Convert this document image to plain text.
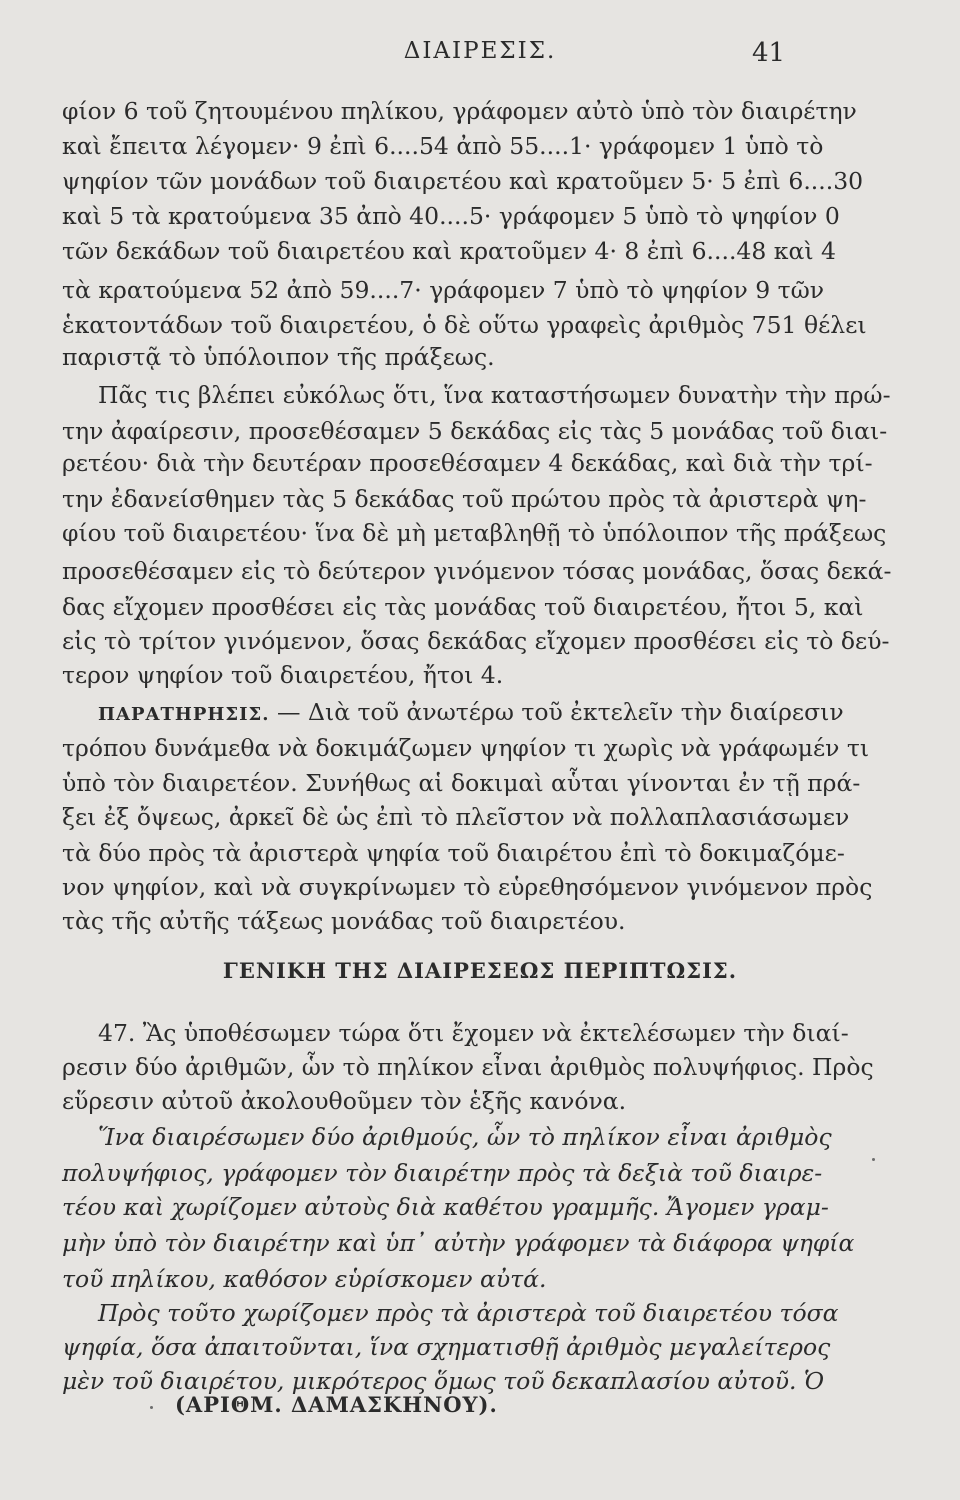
ΔΙΑΙΡΕΣΙΣ.	41
φίον 6 τοῦ ζητουμένου πηλίκου, γράφομεν αὐτὸ ὑπὸ τὸν διαιρέτην
καὶ ἔπειτα λέγομεν· 9 ἐπὶ 6....54 ἀπὸ 55....1· γράφομεν 1 ὑπὸ τὸ
ψηφίον τῶν μονάδων τοῦ διαιρετέου καὶ κρατοῦμεν 5· 5 ἐπὶ 6....30
καὶ 5 τὰ κρατούμενα 35 ἀπὸ 40....5· γράφομεν 5 ὑπὸ τὸ ψηφίον 0
τῶν δεκάδων τοῦ διαιρετέου καὶ κρατοῦμεν 4· 8 ἐπὶ 6....48 καὶ 4
τὰ κρατούμενα 52 ἀπὸ 59....7· γράφομεν 7 ὑπὸ τὸ ψηφίον 9 τῶν
ἑκατοντάδων τοῦ διαιρετέου, ὁ δὲ οὕτω γραφεὶς ἀριθμὸς 751 θέλει
παριστᾷ τὸ ὑπόλοιπον τῆς πράξεως.
Πᾶς τις βλέπει εὐκόλως ὅτι, ἵνα καταστήσωμεν δυνατὴν τὴν πρώ-
την ἀφαίρεσιν, προσεθέσαμεν 5 δεκάδας εἰς τὰς 5 μονάδας τοῦ διαι-
ρετέου· διὰ τὴν δευτέραν προσεθέσαμεν 4 δεκάδας, καὶ διὰ τὴν τρί-
την ἐδανείσθημεν τὰς 5 δεκάδας τοῦ πρώτου πρὸς τὰ ἀριστερὰ ψη-
φίου τοῦ διαιρετέου· ἵνα δὲ μὴ μεταβληθῇ τὸ ὑπόλοιπον τῆς πράξεως
προσεθέσαμεν εἰς τὸ δεύτερον γινόμενον τόσας μονάδας, ὅσας δεκά-
δας εἴχομεν προσθέσει εἰς τὰς μονάδας τοῦ διαιρετέου, ἤτοι 5, καὶ
εἰς τὸ τρίτον γινόμενον, ὅσας δεκάδας εἴχομεν προσθέσει εἰς τὸ δεύ-
τερον ψηφίον τοῦ διαιρετέου, ἤτοι 4.
ΠΑΡΑΤΗΡΗΣΙΣ. — Διὰ τοῦ ἀνωτέρω τοῦ ἐκτελεῖν τὴν διαίρεσιν
τρόπου δυνάμεθα νὰ δοκιμάζωμεν ψηφίον τι χωρὶς νὰ γράφωμέν τι
ὑπὸ τὸν διαιρετέον. Συνήθως αἱ δοκιμαὶ αὗται γίνονται ἐν τῇ πρά-
ξει ἐξ ὄψεως, ἀρκεῖ δὲ ὡς ἐπὶ τὸ πλεῖστον νὰ πολλαπλασιάσωμεν
τὰ δύο πρὸς τὰ ἀριστερὰ ψηφία τοῦ διαιρέτου ἐπὶ τὸ δοκιμαζόμε-
νον ψηφίον, καὶ νὰ συγκρίνωμεν τὸ εὑρεθησόμενον γινόμενον πρὸς
τὰς τῆς αὐτῆς τάξεως μονάδας τοῦ διαιρετέου.
ΓΕΝΙΚΗ ΤΗΣ ΔΙΑΙΡΕΣΕΩΣ ΠΕΡΙΠΤΩΣΙΣ.
47. Ἂς ὑποθέσωμεν τώρα ὅτι ἔχομεν νὰ ἐκτελέσωμεν τὴν διαί-
ρεσιν δύο ἀριθμῶν, ὧν τὸ πηλίκον εἶναι ἀριθμὸς πολυψήφιος. Πρὸς
εὕρεσιν αὐτοῦ ἀκολουθοῦμεν τὸν ἑξῆς κανόνα.
Ἵνα διαιρέσωμεν δύο ἀριθμούς, ὧν τὸ πηλίκον εἶναι ἀριθμὸς
πολυψήφιος, γράφομεν τὸν διαιρέτην πρὸς τὰ δεξιὰ τοῦ διαιρε-
τέου καὶ χωρίζομεν αὐτοὺς διὰ καθέτου γραμμῆς. Ἄγομεν γραμ-
μὴν ὑπὸ τὸν διαιρέτην καὶ ὑπ᾽ αὐτὴν γράφομεν τὰ διάφορα ψηφία
τοῦ πηλίκου, καθόσον εὑρίσκομεν αὐτά.
Πρὸς τοῦτο χωρίζομεν πρὸς τὰ ἀριστερὰ τοῦ διαιρετέου τόσα
ψηφία, ὅσα ἀπαιτοῦνται, ἵνα σχηματισθῇ ἀριθμὸς μεγαλείτερος
μὲν τοῦ διαιρέτου, μικρότερος ὅμως τοῦ δεκαπλασίου αὐτοῦ. Ὁ
(ΑΡΙΘΜ. ΔΑΜΑΣΚΗΝΟΥ).
